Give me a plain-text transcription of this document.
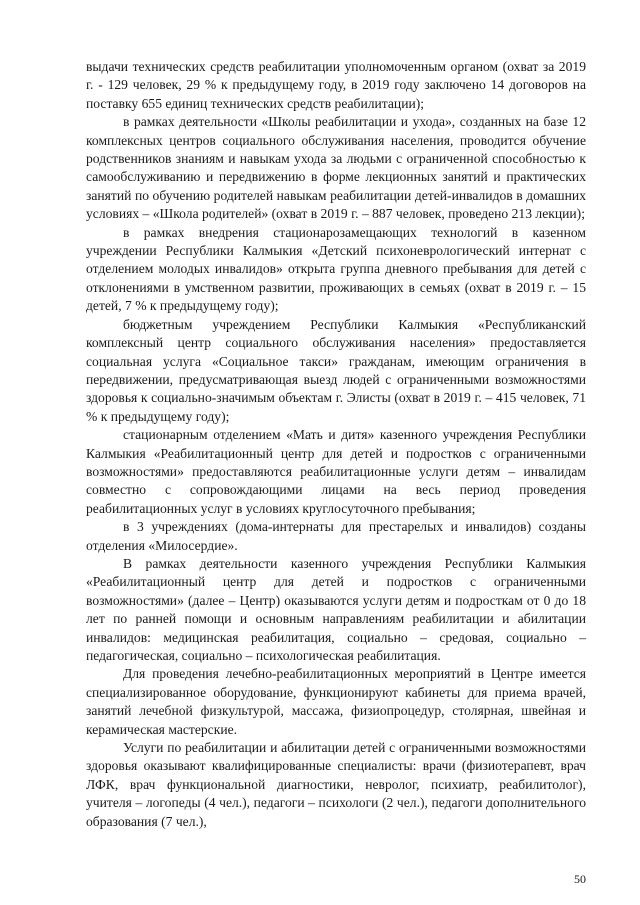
выдачи технических средств реабилитации уполномоченным органом (охват за 2019 г. - 129 человек, 29 % к предыдущему году, в 2019 году заключено 14 договоров на поставку 655 единиц технических средств реабилитации);

в рамках деятельности «Школы реабилитации и ухода», созданных на базе 12 комплексных центров социального обслуживания населения, проводится обучение родственников знаниям и навыкам ухода за людьми с ограниченной способностью к самообслуживанию и передвижению в форме лекционных занятий и практических занятий по обучению родителей навыкам реабилитации детей-инвалидов в домашних условиях – «Школа родителей» (охват в 2019 г. – 887 человек, проведено 213 лекции);

в рамках внедрения стационарозамещающих технологий в казенном учреждении Республики Калмыкия «Детский психоневрологический интернат с отделением молодых инвалидов» открыта группа дневного пребывания для детей с отклонениями в умственном развитии, проживающих в семьях (охват в 2019 г. – 15 детей, 7 % к предыдущему году);

бюджетным учреждением Республики Калмыкия «Республиканский комплексный центр социального обслуживания населения» предоставляется социальная услуга «Социальное такси» гражданам, имеющим ограничения в передвижении, предусматривающая выезд людей с ограниченными возможностями здоровья к социально-значимым объектам г. Элисты (охват в 2019 г. – 415 человек, 71 % к предыдущему году);

стационарным отделением «Мать и дитя» казенного учреждения Республики Калмыкия «Реабилитационный центр для детей и подростков с ограниченными возможностями» предоставляются реабилитационные услуги детям – инвалидам совместно с сопровождающими лицами на весь период проведения реабилитационных услуг в условиях круглосуточного пребывания;

в 3 учреждениях (дома-интернаты для престарелых и инвалидов) созданы отделения «Милосердие».

В рамках деятельности казенного учреждения Республики Калмыкия «Реабилитационный центр для детей и подростков с ограниченными возможностями» (далее – Центр) оказываются услуги детям и подросткам от 0 до 18 лет по ранней помощи и основным направлениям реабилитации и абилитации инвалидов: медицинская реабилитация, социально – средовая, социально – педагогическая, социально – психологическая реабилитация.

Для проведения лечебно-реабилитационных мероприятий в Центре имеется специализированное оборудование, функционируют кабинеты для приема врачей, занятий лечебной физкультурой, массажа, физиопроцедур, столярная, швейная и керамическая мастерские.

Услуги по реабилитации и абилитации детей с ограниченными возможностями здоровья оказывают квалифицированные специалисты: врачи (физиотерапевт, врач ЛФК, врач функциональной диагностики, невролог, психиатр, реабилитолог), учителя – логопеды (4 чел.), педагоги – психологи (2 чел.), педагоги дополнительного образования (7 чел.),

50
